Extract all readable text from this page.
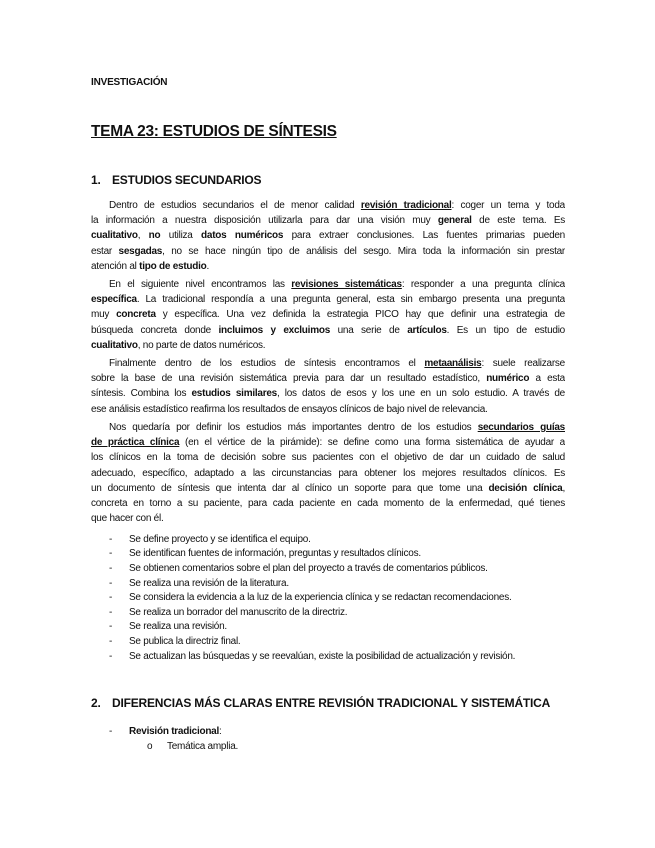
INVESTIGACIÓN
TEMA 23: ESTUDIOS DE SÍNTESIS
1. ESTUDIOS SECUNDARIOS
Dentro de estudios secundarios el de menor calidad revisión tradicional: coger un tema y toda
la información a nuestra disposición utilizarla para dar una visión muy general de este tema. Es
cualitativo, no utiliza datos numéricos para extraer conclusiones. Las fuentes primarias pueden
estar sesgadas, no se hace ningún tipo de análisis del sesgo. Mira toda la información sin prestar
atención al tipo de estudio.
En el siguiente nivel encontramos las revisiones sistemáticas: responder a una pregunta clínica
específica. La tradicional respondía a una pregunta general, esta sin embargo presenta una pregunta
muy concreta y específica. Una vez definida la estrategia PICO hay que definir una estrategia de
búsqueda concreta donde incluimos y excluimos una serie de artículos. Es un tipo de estudio
cualitativo, no parte de datos numéricos.
Finalmente dentro de los estudios de síntesis encontramos el metaanálisis: suele realizarse
sobre la base de una revisión sistemática previa para dar un resultado estadístico, numérico a esta
síntesis. Combina los estudios similares, los datos de esos y los une en un solo estudio. A través de
ese análisis estadístico reafirma los resultados de ensayos clínicos de bajo nivel de relevancia.
Nos quedaría por definir los estudios más importantes dentro de los estudios secundarios guías
de práctica clínica (en el vértice de la pirámide): se define como una forma sistemática de ayudar a
los clínicos en la toma de decisión sobre sus pacientes con el objetivo de dar un cuidado de salud
adecuado, específico, adaptado a las circunstancias para obtener los mejores resultados clínicos. Es
un documento de síntesis que intenta dar al clínico un soporte para que tome una decisión clínica,
concreta en torno a su paciente, para cada paciente en cada momento de la enfermedad, qué tienes
que hacer con él.
-	Se define proyecto y se identifica el equipo.
-	Se identifican fuentes de información, preguntas y resultados clínicos.
-	Se obtienen comentarios sobre el plan del proyecto a través de comentarios públicos.
-	Se realiza una revisión de la literatura.
-	Se considera la evidencia a la luz de la experiencia clínica y se redactan recomendaciones.
-	Se realiza un borrador del manuscrito de la directriz.
-	Se realiza una revisión.
-	Se publica la directriz final.
-	Se actualizan las búsquedas y se reevalúan, existe la posibilidad de actualización y revisión.
2. DIFERENCIAS MÁS CLARAS ENTRE REVISIÓN TRADICIONAL Y SISTEMÁTICA
-	Revisión tradicional :
o	Temática amplia.
